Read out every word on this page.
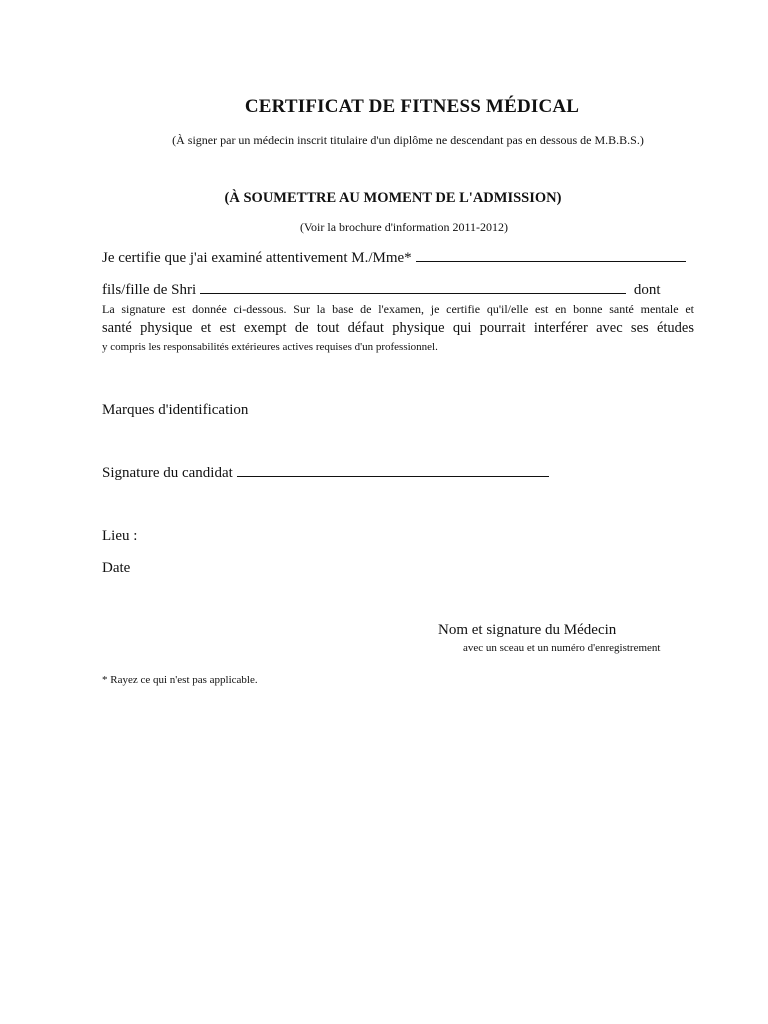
CERTIFICAT DE FITNESS MÉDICAL
(À signer par un médecin inscrit titulaire d'un diplôme ne descendant pas en dessous de M.B.B.S.)
(À SOUMETTRE AU MOMENT DE L'ADMISSION)
(Voir la brochure d'information 2011-2012)
Je certifie que j'ai examiné attentivement M./Mme*
fils/fille de Shri	dont
La signature est donnée ci-dessous. Sur la base de l'examen, je certifie qu'il/elle est en bonne santé mentale et
santé physique et est exempt de tout défaut physique qui pourrait interférer avec ses études
y compris les responsabilités extérieures actives requises d'un professionnel.
Marques d'identification
Signature du candidat
Lieu :
Date
Nom et signature du Médecin
avec un sceau et un numéro d'enregistrement
* Rayez ce qui n'est pas applicable.
